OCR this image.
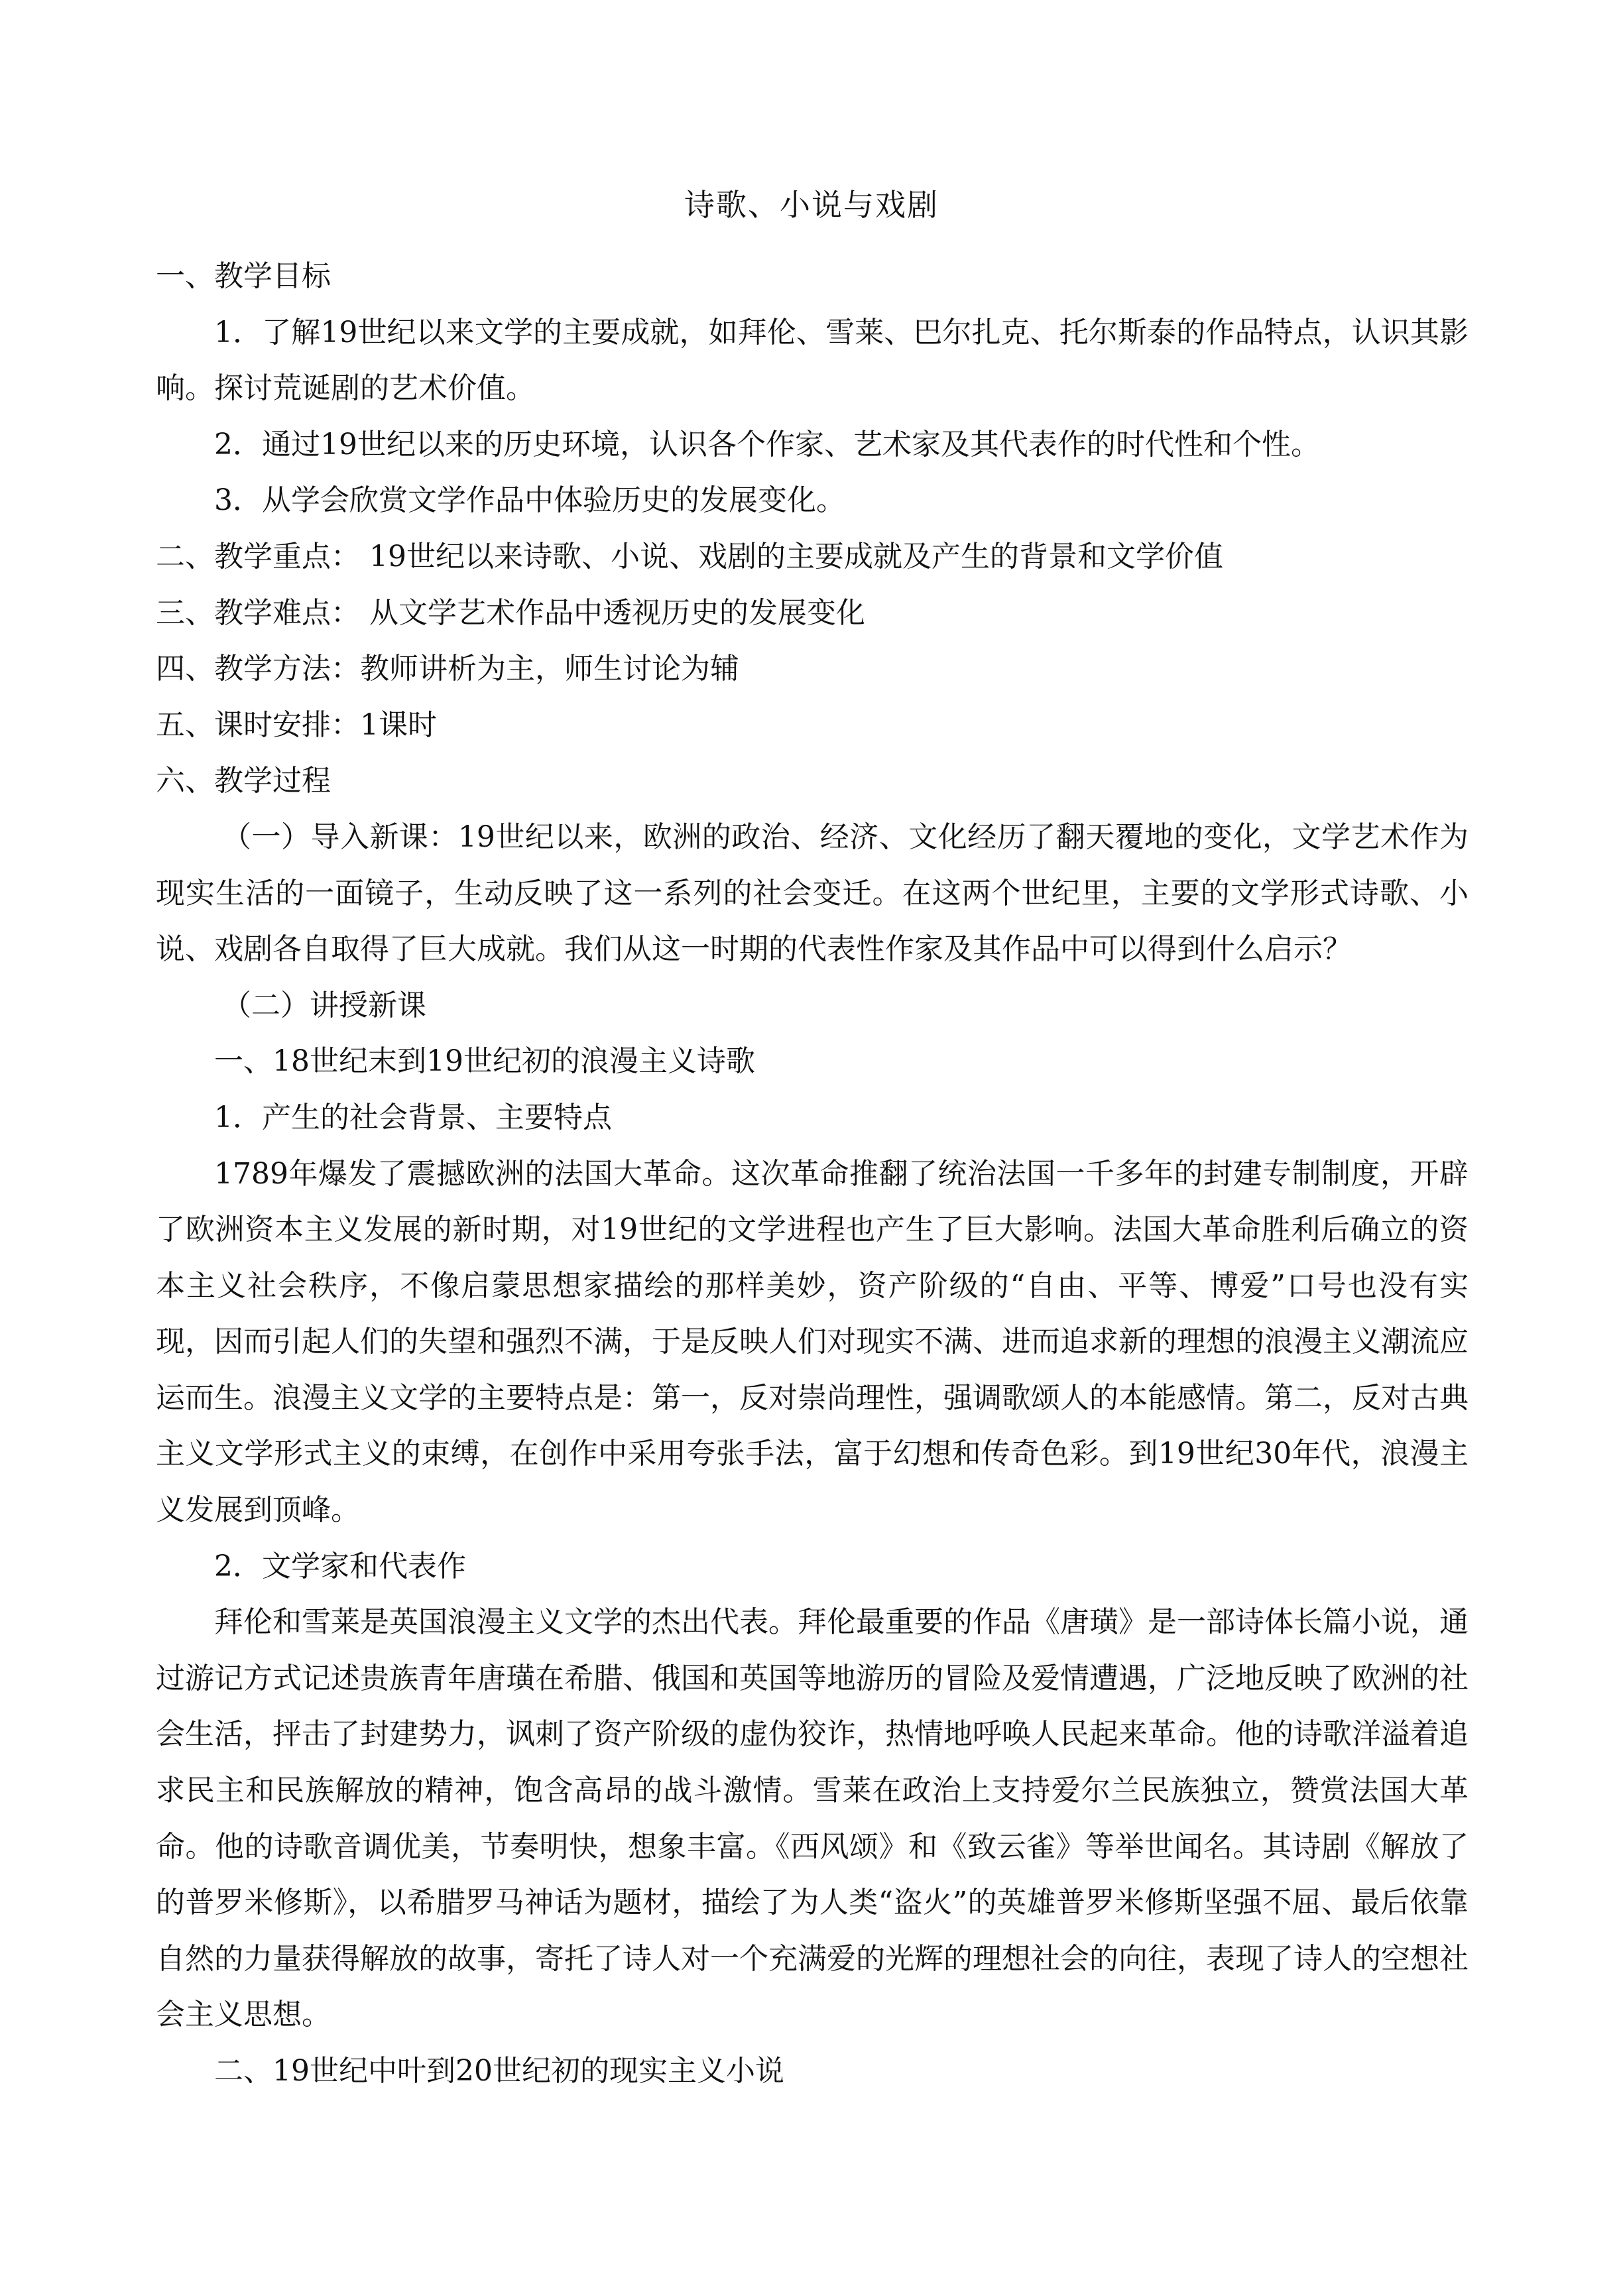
诗歌、小说与戏剧

一、教学目标

1．了解19世纪以来文学的主要成就，如拜伦、雪莱、巴尔扎克、托尔斯泰的作品特点，认识其影响。探讨荒诞剧的艺术价值。

2．通过19世纪以来的历史环境，认识各个作家、艺术家及其代表作的时代性和个性。

3．从学会欣赏文学作品中体验历史的发展变化。

二、教学重点： 19世纪以来诗歌、小说、戏剧的主要成就及产生的背景和文学价值

三、教学难点： 从文学艺术作品中透视历史的发展变化

四、教学方法：教师讲析为主，师生讨论为辅

五、课时安排：1课时

六、教学过程

（一）导入新课：19世纪以来，欧洲的政治、经济、文化经历了翻天覆地的变化，文学艺术作为现实生活的一面镜子，生动反映了这一系列的社会变迁。在这两个世纪里，主要的文学形式诗歌、小说、戏剧各自取得了巨大成就。我们从这一时期的代表性作家及其作品中可以得到什么启示？

（二）讲授新课

一、18世纪末到19世纪初的浪漫主义诗歌

1．产生的社会背景、主要特点

1789年爆发了震撼欧洲的法国大革命。这次革命推翻了统治法国一千多年的封建专制制度，开辟了欧洲资本主义发展的新时期，对19世纪的文学进程也产生了巨大影响。法国大革命胜利后确立的资本主义社会秩序，不像启蒙思想家描绘的那样美妙，资产阶级的“自由、平等、博爱”口号也没有实现，因而引起人们的失望和强烈不满，于是反映人们对现实不满、进而追求新的理想的浪漫主义潮流应运而生。浪漫主义文学的主要特点是：第一，反对崇尚理性，强调歌颂人的本能感情。第二，反对古典主义文学形式主义的束缚，在创作中采用夸张手法，富于幻想和传奇色彩。到19世纪30年代，浪漫主义发展到顶峰。

2．文学家和代表作

拜伦和雪莱是英国浪漫主义文学的杰出代表。拜伦最重要的作品《唐璜》是一部诗体长篇小说，通过游记方式记述贵族青年唐璜在希腊、俄国和英国等地游历的冒险及爱情遭遇，广泛地反映了欧洲的社会生活，抨击了封建势力，讽刺了资产阶级的虚伪狡诈，热情地呼唤人民起来革命。他的诗歌洋溢着追求民主和民族解放的精神，饱含高昂的战斗激情。雪莱在政治上支持爱尔兰民族独立，赞赏法国大革命。他的诗歌音调优美，节奏明快，想象丰富。《西风颂》和《致云雀》等举世闻名。其诗剧《解放了的普罗米修斯》，以希腊罗马神话为题材，描绘了为人类“盗火”的英雄普罗米修斯坚强不屈、最后依靠自然的力量获得解放的故事，寄托了诗人对一个充满爱的光辉的理想社会的向往，表现了诗人的空想社会主义思想。

二、19世纪中叶到20世纪初的现实主义小说
